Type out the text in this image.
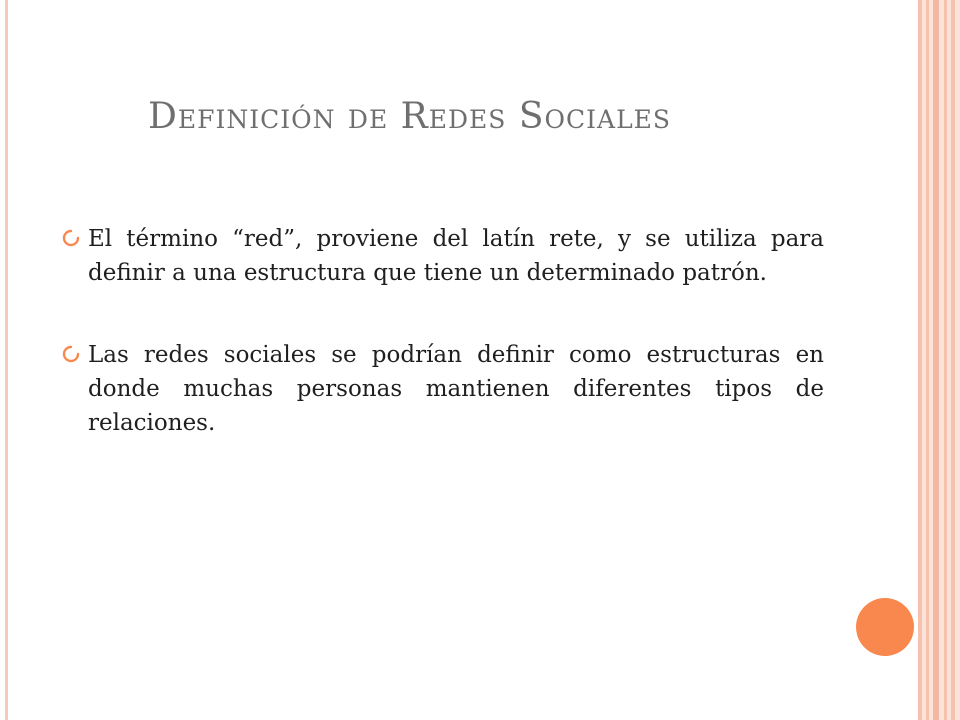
Definición de Redes Sociales
El término “red”, proviene del latín rete, y se utiliza para definir a una estructura que tiene un determinado patrón.
Las redes sociales se podrían definir como estructuras en donde muchas personas mantienen diferentes tipos de relaciones.
